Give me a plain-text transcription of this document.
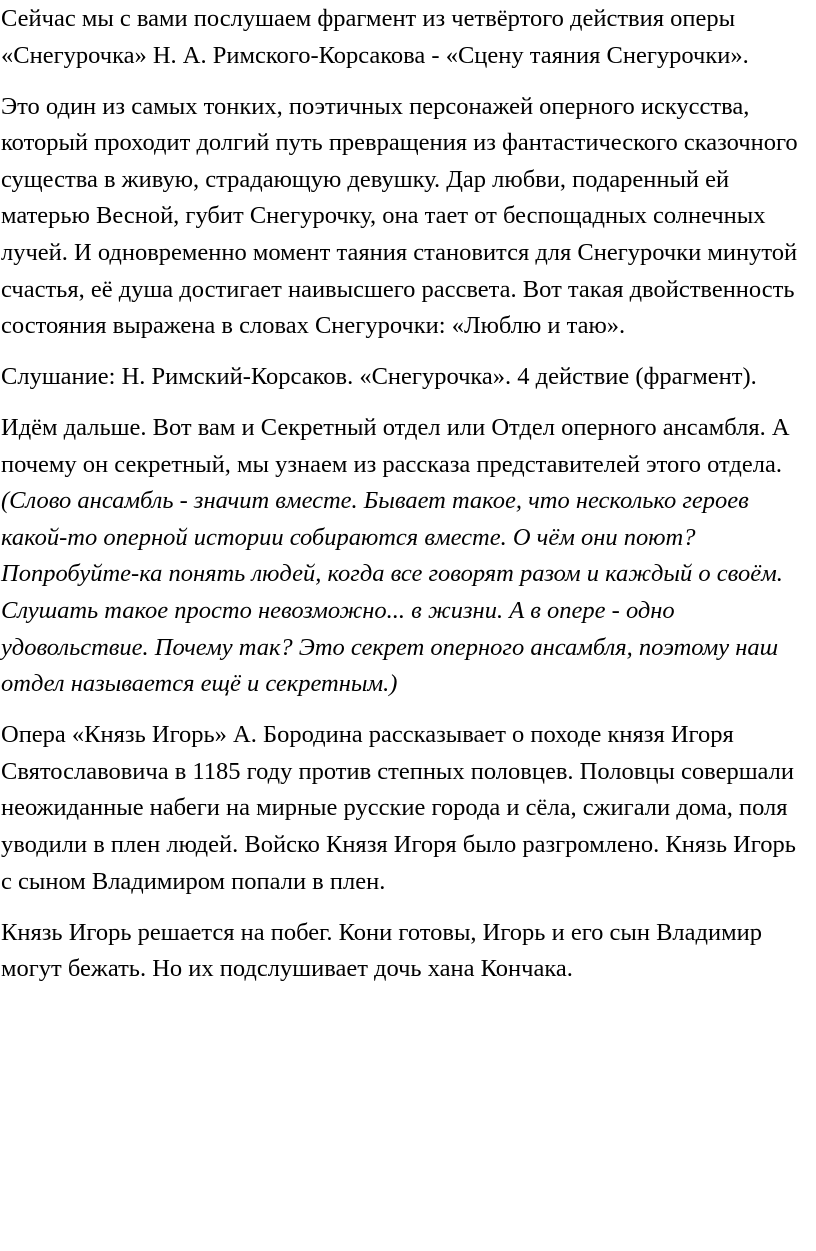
Сейчас мы с вами послушаем фрагмент из четвёртого действия оперы «Снегурочка» Н. А. Римского-Корсакова - «Сцену таяния Снегурочки».

Это один из самых тонких, поэтичных персонажей оперного искусства, который проходит долгий путь превращения из фантастического сказочного существа в живую, страдающую девушку. Дар любви, подаренный ей матерью Весной, губит Снегурочку, она тает от беспощадных солнечных лучей. И одновременно момент таяния становится для Снегурочки минутой счастья, её душа достигает наивысшего рассвета. Вот такая двойственность состояния выражена в словах Снегурочки: «Люблю и таю».

Слушание: Н. Римский-Корсаков. «Снегурочка». 4 действие (фрагмент).

Идём дальше. Вот вам и Секретный отдел или Отдел оперного ансамбля. А почему он секретный, мы узнаем из рассказа представителей этого отдела. (Слово ансамбль - значит вместе. Бывает такое, что несколько героев какой-то оперной истории собираются вместе. О чём они поют? Попробуйте-ка понять людей, когда все говорят разом и каждый о своём. Слушать такое просто невозможно... в жизни. А в опере - одно удовольствие. Почему так? Это секрет оперного ансамбля, поэтому наш отдел называется ещё и секретным.)

Опера «Князь Игорь» А. Бородина рассказывает о походе князя Игоря Святославовича в 1185 году против степных половцев. Половцы совершали неожиданные набеги на мирные русские города и сёла, сжигали дома, поля уводили в плен людей. Войско Князя Игоря было разгромлено. Князь Игорь с сыном Владимиром попали в плен.

Князь Игорь решается на побег. Кони готовы, Игорь и его сын Владимир могут бежать. Но их подслушивает дочь хана Кончака.
